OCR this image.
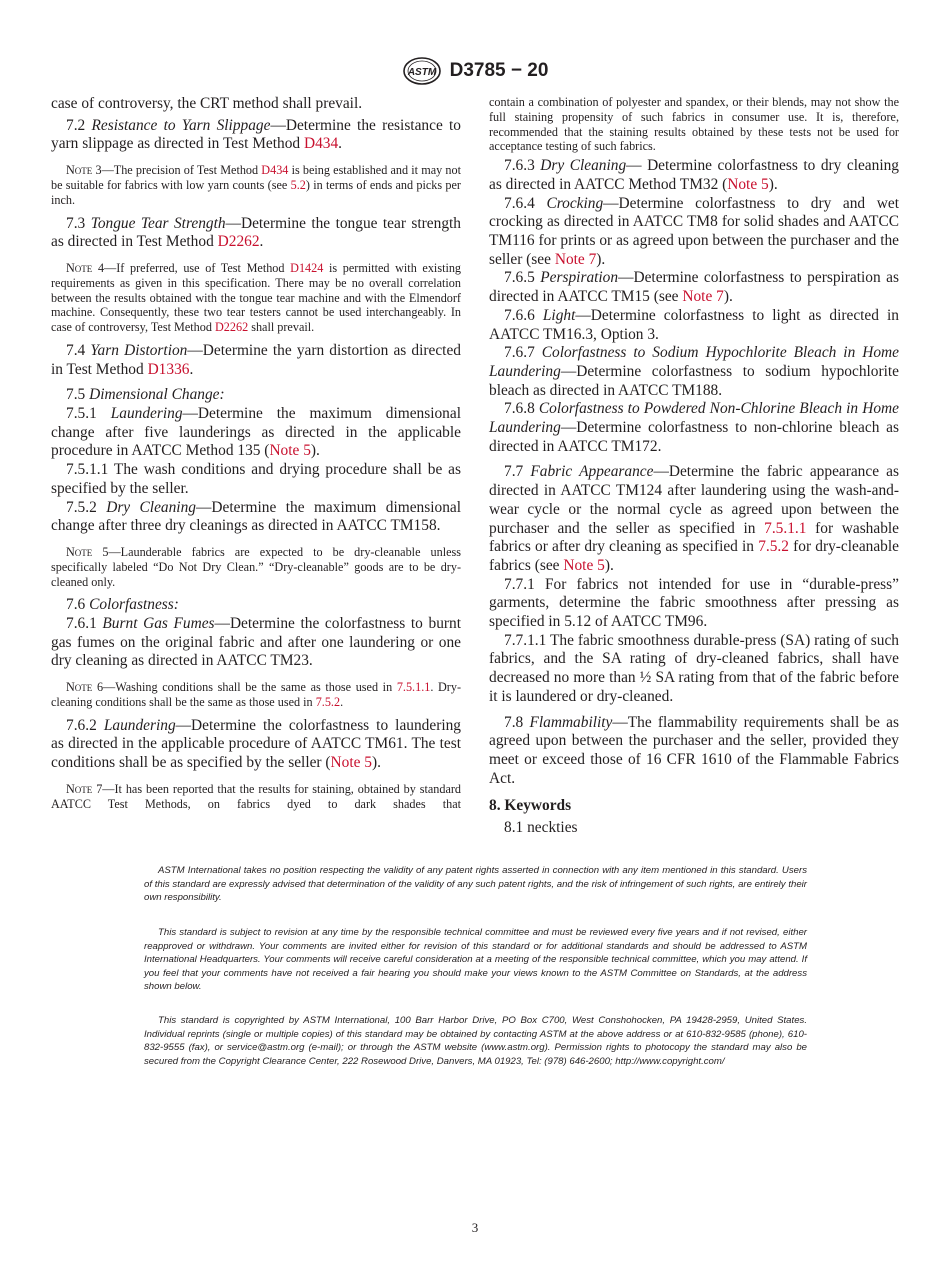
ASTM D3785 − 20

case of controversy, the CRT method shall prevail.

7.2 Resistance to Yarn Slippage—Determine the resistance to yarn slippage as directed in Test Method D434.

Note 3—The precision of Test Method D434 is being established and it may not be suitable for fabrics with low yarn counts (see 5.2) in terms of ends and picks per inch.

7.3 Tongue Tear Strength—Determine the tongue tear strength as directed in Test Method D2262.

Note 4—If preferred, use of Test Method D1424 is permitted with existing requirements as given in this specification. There may be no overall correlation between the results obtained with the tongue tear machine and with the Elmendorf machine. Consequently, these two tear testers cannot be used interchangeably. In case of controversy, Test Method D2262 shall prevail.

7.4 Yarn Distortion—Determine the yarn distortion as directed in Test Method D1336.

7.5 Dimensional Change:

7.5.1 Laundering—Determine the maximum dimensional change after five launderings as directed in the applicable procedure in AATCC Method 135 (Note 5).

7.5.1.1 The wash conditions and drying procedure shall be as specified by the seller.

7.5.2 Dry Cleaning—Determine the maximum dimensional change after three dry cleanings as directed in AATCC TM158.

Note 5—Launderable fabrics are expected to be dry-cleanable unless specifically labeled “Do Not Dry Clean.” “Dry-cleanable” goods are to be dry-cleaned only.

7.6 Colorfastness:

7.6.1 Burnt Gas Fumes—Determine the colorfastness to burnt gas fumes on the original fabric and after one laundering or one dry cleaning as directed in AATCC TM23.

Note 6—Washing conditions shall be the same as those used in 7.5.1.1. Dry-cleaning conditions shall be the same as those used in 7.5.2.

7.6.2 Laundering—Determine the colorfastness to laundering as directed in the applicable procedure of AATCC TM61. The test conditions shall be as specified by the seller (Note 5).

Note 7—It has been reported that the results for staining, obtained by standard AATCC Test Methods, on fabrics dyed to dark shades that

contain a combination of polyester and spandex, or their blends, may not show the full staining propensity of such fabrics in consumer use. It is, therefore, recommended that the staining results obtained by these tests not be used for acceptance testing of such fabrics.

7.6.3 Dry Cleaning— Determine colorfastness to dry cleaning as directed in AATCC Method TM32 (Note 5).

7.6.4 Crocking—Determine colorfastness to dry and wet crocking as directed in AATCC TM8 for solid shades and AATCC TM116 for prints or as agreed upon between the purchaser and the seller (see Note 7).

7.6.5 Perspiration—Determine colorfastness to perspiration as directed in AATCC TM15 (see Note 7).

7.6.6 Light—Determine colorfastness to light as directed in AATCC TM16.3, Option 3.

7.6.7 Colorfastness to Sodium Hypochlorite Bleach in Home Laundering—Determine colorfastness to sodium hypochlorite bleach as directed in AATCC TM188.

7.6.8 Colorfastness to Powdered Non-Chlorine Bleach in Home Laundering—Determine colorfastness to non-chlorine bleach as directed in AATCC TM172.

7.7 Fabric Appearance—Determine the fabric appearance as directed in AATCC TM124 after laundering using the wash-and-wear cycle or the normal cycle as agreed upon between the purchaser and the seller as specified in 7.5.1.1 for washable fabrics or after dry cleaning as specified in 7.5.2 for dry-cleanable fabrics (see Note 5).

7.7.1 For fabrics not intended for use in “durable-press” garments, determine the fabric smoothness after pressing as specified in 5.12 of AATCC TM96.

7.7.1.1 The fabric smoothness durable-press (SA) rating of such fabrics, and the SA rating of dry-cleaned fabrics, shall have decreased no more than ½ SA rating from that of the fabric before it is laundered or dry-cleaned.

7.8 Flammability—The flammability requirements shall be as agreed upon between the purchaser and the seller, provided they meet or exceed those of 16 CFR 1610 of the Flammable Fabrics Act.

8. Keywords

8.1 neckties

ASTM International takes no position respecting the validity of any patent rights asserted in connection with any item mentioned in this standard. Users of this standard are expressly advised that determination of the validity of any such patent rights, and the risk of infringement of such rights, are entirely their own responsibility.

This standard is subject to revision at any time by the responsible technical committee and must be reviewed every five years and if not revised, either reapproved or withdrawn. Your comments are invited either for revision of this standard or for additional standards and should be addressed to ASTM International Headquarters. Your comments will receive careful consideration at a meeting of the responsible technical committee, which you may attend. If you feel that your comments have not received a fair hearing you should make your views known to the ASTM Committee on Standards, at the address shown below.

This standard is copyrighted by ASTM International, 100 Barr Harbor Drive, PO Box C700, West Conshohocken, PA 19428-2959, United States. Individual reprints (single or multiple copies) of this standard may be obtained by contacting ASTM at the above address or at 610-832-9585 (phone), 610-832-9555 (fax), or service@astm.org (e-mail); or through the ASTM website (www.astm.org). Permission rights to photocopy the standard may also be secured from the Copyright Clearance Center, 222 Rosewood Drive, Danvers, MA 01923, Tel: (978) 646-2600; http://www.copyright.com/

3
